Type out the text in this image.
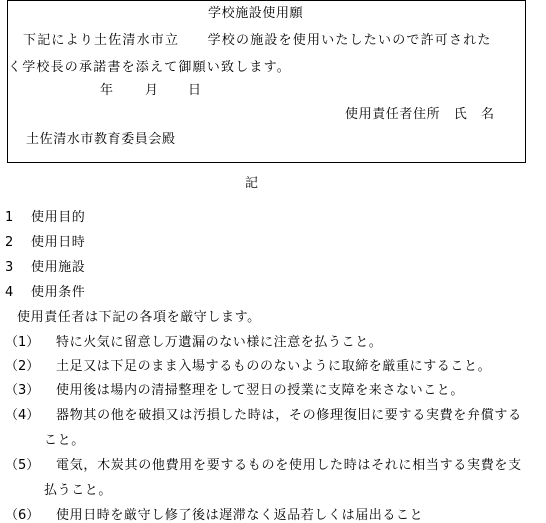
学校施設使用願
下記により土佐清水市立　　学校の施設を使用いたしたいので許可された
く学校長の承諾書を添えて御願い致します。
年 月 日
使用責任者住所　氏　名
土佐清水市教育委員会殿
記
1 使用目的
2 使用日時
3 使用施設
4 使用条件
使用責任者は下記の各項を厳守します。
（1） 特に火気に留意し万遺漏のない様に注意を払うこと。
（2） 土足又は下足のまま入場するもののないように取締を厳重にすること。
（3） 使用後は場内の清掃整理をして翌日の授業に支障を来さないこと。
（4） 器物其の他を破損又は汚損した時は，その修理復旧に要する実費を弁償する
こと。
（5） 電気，木炭其の他費用を要するものを使用した時はそれに相当する実費を支
払うこと。
（6） 使用日時を厳守し修了後は遅滞なく返品若しくは届出ること
